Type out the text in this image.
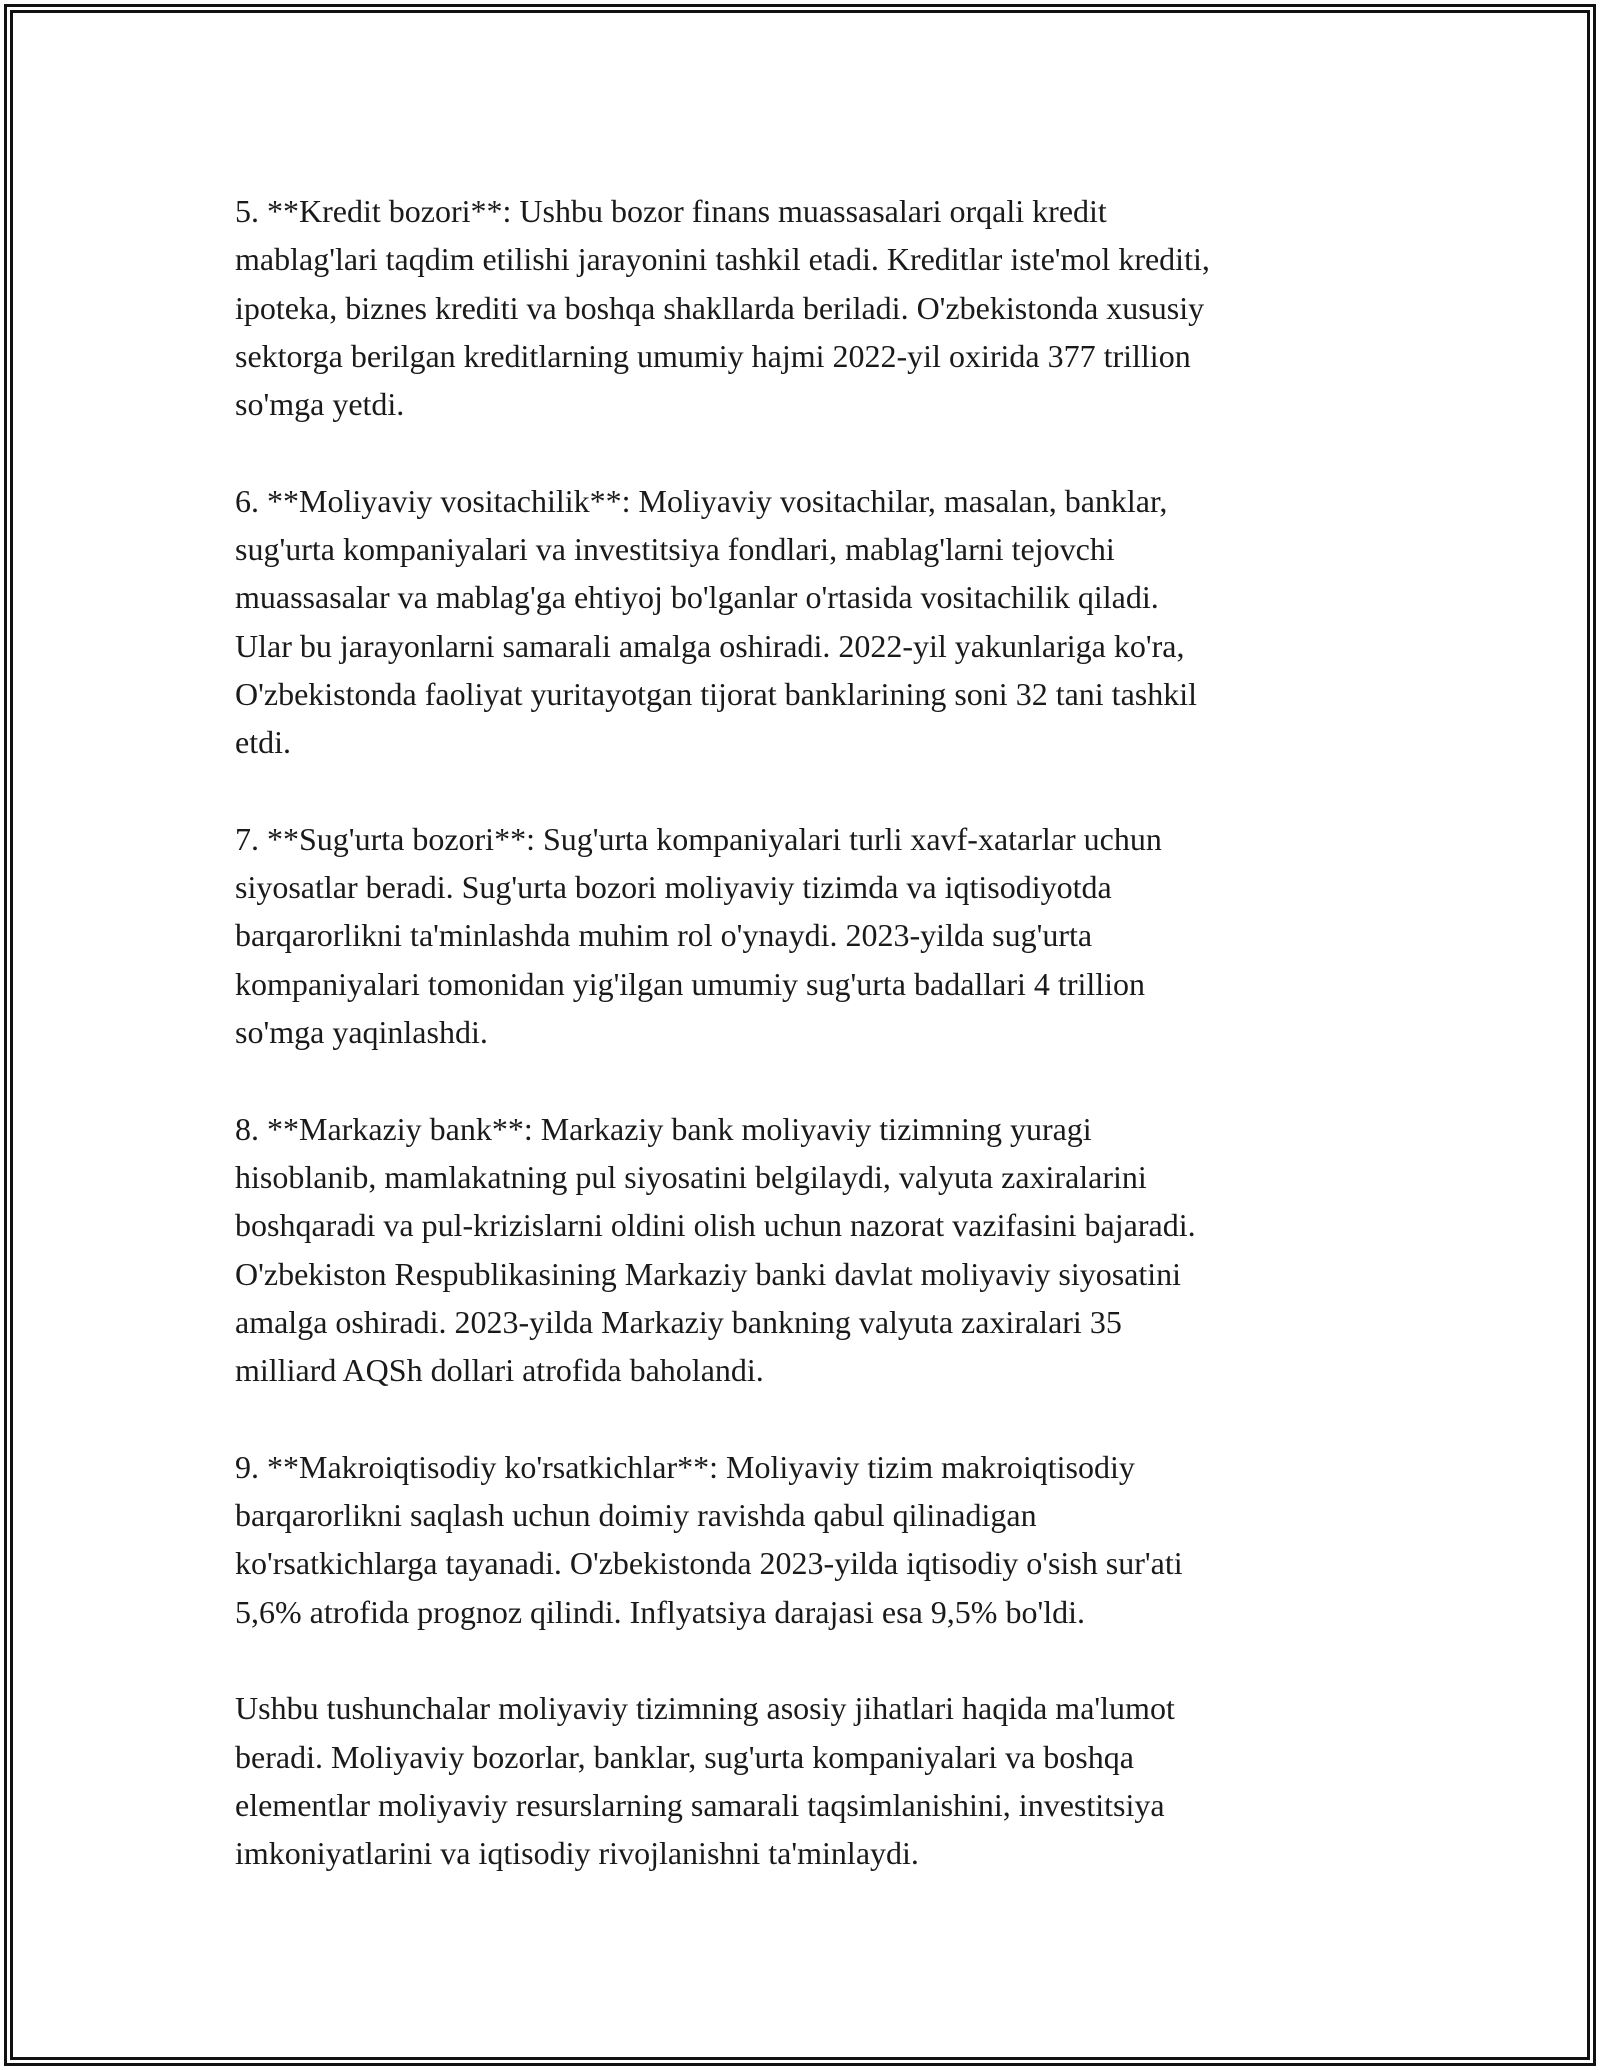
5. **Kredit bozori**: Ushbu bozor finans muassasalari orqali kredit
mablag'lari taqdim etilishi jarayonini tashkil etadi. Kreditlar iste'mol krediti,
ipoteka, biznes krediti va boshqa shakllarda beriladi. O'zbekistonda xususiy
sektorga berilgan kreditlarning umumiy hajmi 2022-yil oxirida 377 trillion
so'mga yetdi.

6. **Moliyaviy vositachilik**: Moliyaviy vositachilar, masalan, banklar,
sug'urta kompaniyalari va investitsiya fondlari, mablag'larni tejovchi
muassasalar va mablag'ga ehtiyoj bo'lganlar o'rtasida vositachilik qiladi.
Ular bu jarayonlarni samarali amalga oshiradi. 2022-yil yakunlariga ko'ra,
O'zbekistonda faoliyat yuritayotgan tijorat banklarining soni 32 tani tashkil
etdi.

7. **Sug'urta bozori**: Sug'urta kompaniyalari turli xavf-xatarlar uchun
siyosatlar beradi. Sug'urta bozori moliyaviy tizimda va iqtisodiyotda
barqarorlikni ta'minlashda muhim rol o'ynaydi. 2023-yilda sug'urta
kompaniyalari tomonidan yig'ilgan umumiy sug'urta badallari 4 trillion
so'mga yaqinlashdi.

8. **Markaziy bank**: Markaziy bank moliyaviy tizimning yuragi
hisoblanib, mamlakatning pul siyosatini belgilaydi, valyuta zaxiralarini
boshqaradi va pul-krizislarni oldini olish uchun nazorat vazifasini bajaradi.
O'zbekiston Respublikasining Markaziy banki davlat moliyaviy siyosatini
amalga oshiradi. 2023-yilda Markaziy bankning valyuta zaxiralari 35
milliard AQSh dollari atrofida baholandi.

9. **Makroiqtisodiy ko'rsatkichlar**: Moliyaviy tizim makroiqtisodiy
barqarorlikni saqlash uchun doimiy ravishda qabul qilinadigan
ko'rsatkichlarga tayanadi. O'zbekistonda 2023-yilda iqtisodiy o'sish sur'ati
5,6% atrofida prognoz qilindi. Inflyatsiya darajasi esa 9,5% bo'ldi.

Ushbu tushunchalar moliyaviy tizimning asosiy jihatlari haqida ma'lumot
beradi. Moliyaviy bozorlar, banklar, sug'urta kompaniyalari va boshqa
elementlar moliyaviy resurslarning samarali taqsimlanishini, investitsiya
imkoniyatlarini va iqtisodiy rivojlanishni ta'minlaydi.
